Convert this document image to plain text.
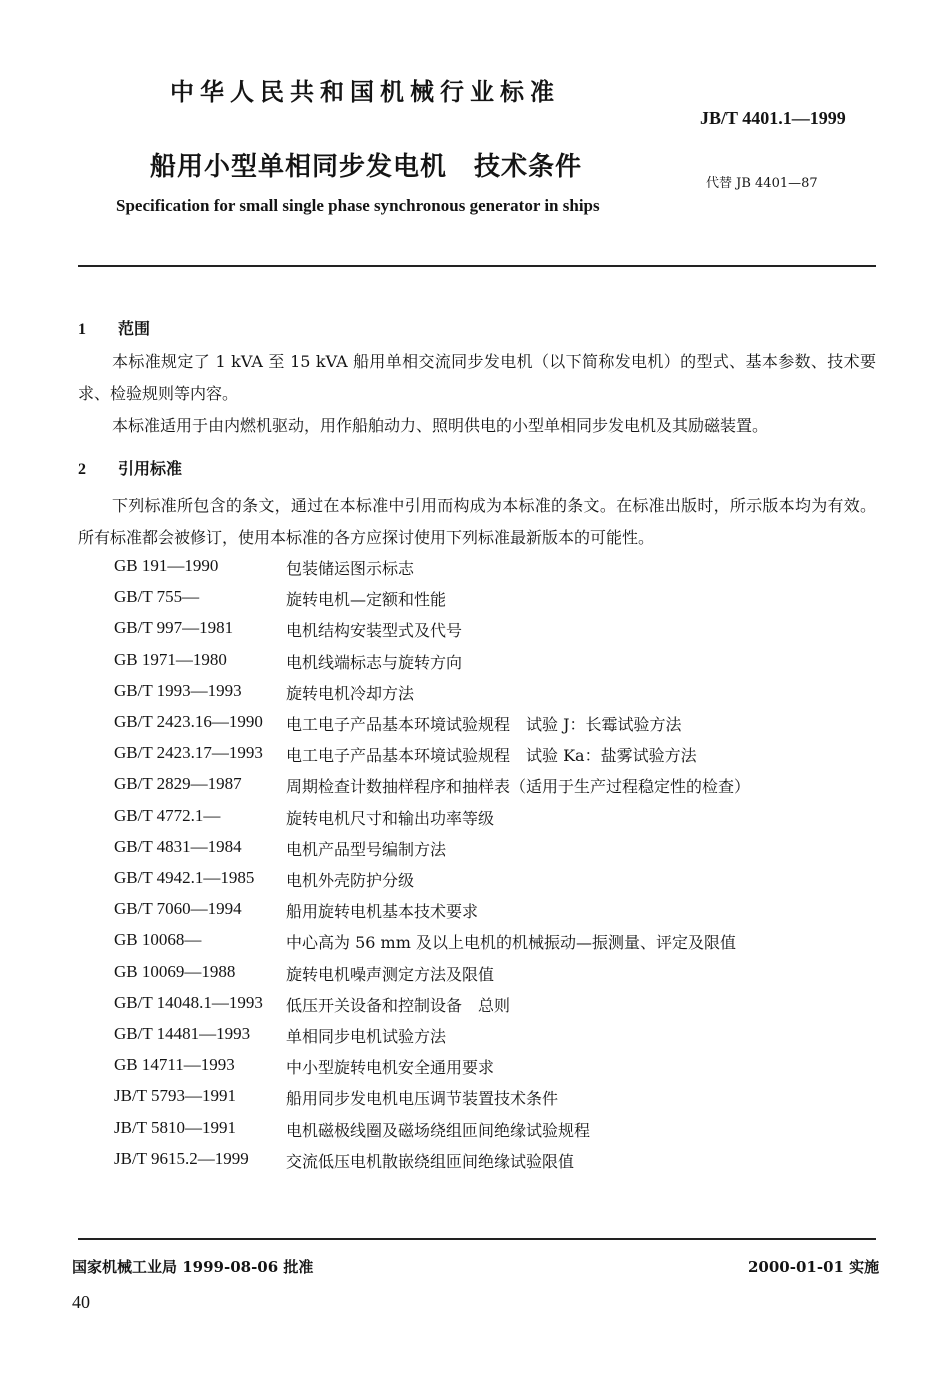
中华人民共和国机械行业标准
JB/T 4401.1—1999
船用小型单相同步发电机　技术条件
代替 JB 4401—87
Specification for small single phase synchronous generator in ships
1 范围
本标准规定了 1 kVA 至 15 kVA 船用单相交流同步发电机（以下简称发电机）的型式、基本参数、技术要求、检验规则等内容。
本标准适用于由内燃机驱动，用作船舶动力、照明供电的小型单相同步发电机及其励磁装置。
2 引用标准
下列标准所包含的条文，通过在本标准中引用而构成为本标准的条文。在标准出版时，所示版本均为有效。所有标准都会被修订，使用本标准的各方应探讨使用下列标准最新版本的可能性。
GB 191—1990	包装储运图示标志
GB/T 755—	旋转电机—定额和性能
GB/T 997—1981	电机结构安装型式及代号
GB 1971—1980	电机线端标志与旋转方向
GB/T 1993—1993	旋转电机冷却方法
GB/T 2423.16—1990 电工电子产品基本环境试验规程　试验 J：长霉试验方法
GB/T 2423.17—1993 电工电子产品基本环境试验规程　试验 Ka：盐雾试验方法
GB/T 2829—1987	周期检查计数抽样程序和抽样表（适用于生产过程稳定性的检查）
GB/T 4772.1—	旋转电机尺寸和输出功率等级
GB/T 4831—1984	电机产品型号编制方法
GB/T 4942.1—1985 电机外壳防护分级
GB/T 7060—1994	船用旋转电机基本技术要求
GB 10068—	中心高为 56 mm 及以上电机的机械振动—振测量、评定及限值
GB 10069—1988	旋转电机噪声测定方法及限值
GB/T 14048.1—1993 低压开关设备和控制设备　总则
GB/T 14481—1993 单相同步电机试验方法
GB 14711—1993	中小型旋转电机安全通用要求
JB/T 5793—1991	船用同步发电机电压调节装置技术条件
JB/T 5810—1991	电机磁极线圈及磁场绕组匝间绝缘试验规程
JB/T 9615.2—1999 交流低压电机散嵌绕组匝间绝缘试验限值
国家机械工业局 1999-08-06 批准	2000-01-01 实施
40
